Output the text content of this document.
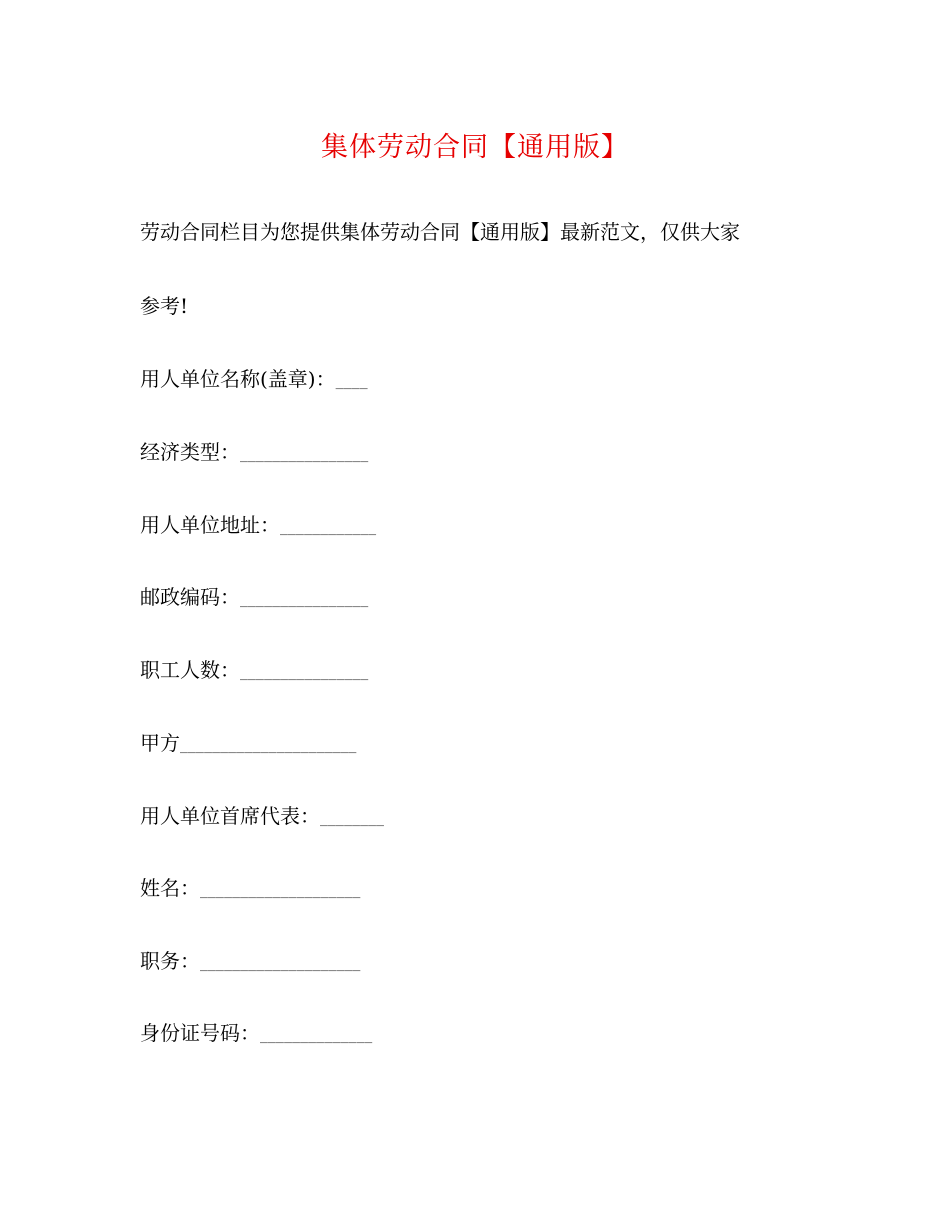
集体劳动合同【通用版】
劳动合同栏目为您提供集体劳动合同【通用版】最新范文，仅供大家
参考!
用人单位名称(盖章)：____
经济类型：________________
用人单位地址：____________
邮政编码：________________
职工人数：________________
甲方______________________
用人单位首席代表：________
姓名：____________________
职务：____________________
身份证号码：______________
